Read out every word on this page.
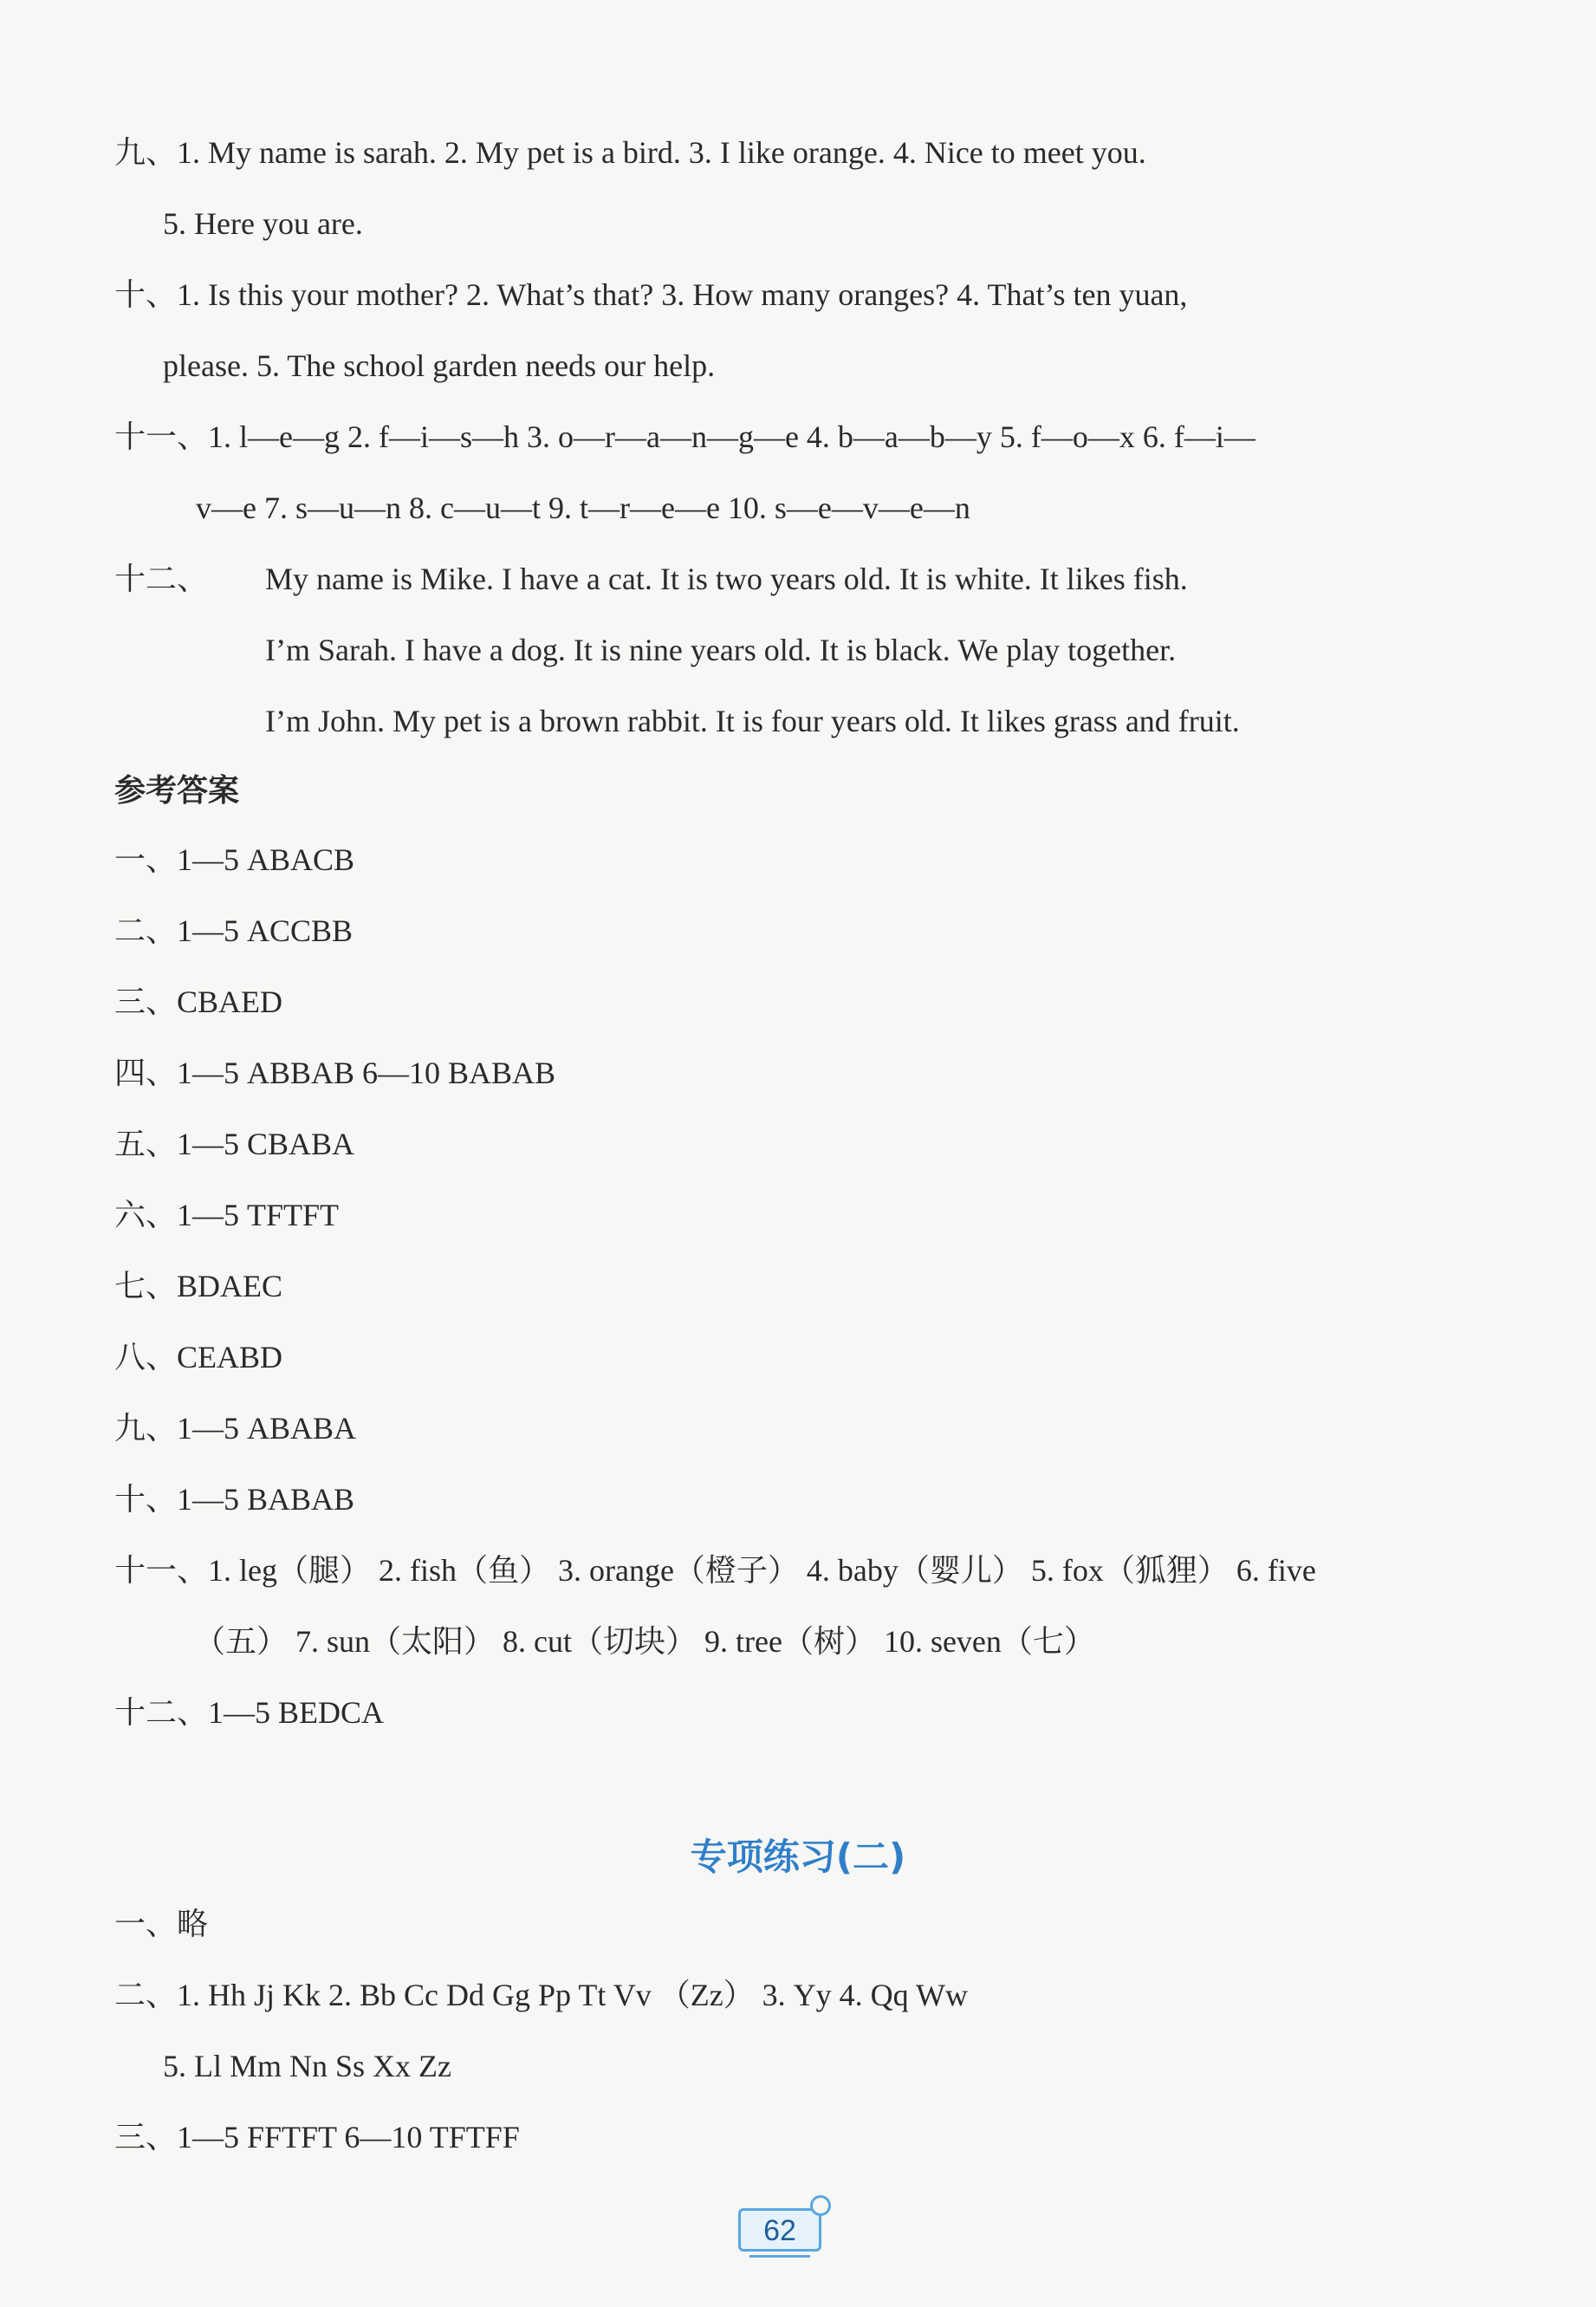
九、1. My name is sarah. 2. My pet is a bird. 3. I like orange. 4. Nice to meet you.
5. Here you are.
十、1. Is this your mother? 2. What’s that? 3. How many oranges? 4. That’s ten yuan,
please. 5. The school garden needs our help.
十一、1. l—e—g 2. f—i—s—h 3. o—r—a—n—g—e 4. b—a—b—y 5. f—o—x 6. f—i—
v—e 7. s—u—n 8. c—u—t 9. t—r—e—e 10. s—e—v—e—n
十二、 My name is Mike. I have a cat. It is two years old. It is white. It likes fish.
I’m Sarah. I have a dog. It is nine years old. It is black. We play together.
I’m John. My pet is a brown rabbit. It is four years old. It likes grass and fruit.
参考答案
一、1—5 ABACB
二、1—5 ACCBB
三、CBAED
四、1—5 ABBAB 6—10 BABAB
五、1—5 CBABA
六、1—5 TFTFT
七、BDAEC
八、CEABD
九、1—5 ABABA
十、1—5 BABAB
十一、1. leg（腿） 2. fish（鱼） 3. orange（橙子） 4. baby（婴儿） 5. fox（狐狸） 6. five
（五） 7. sun（太阳） 8. cut（切块） 9. tree（树） 10. seven（七）
十二、1—5 BEDCA
专项练习(二)
一、略
二、1. Hh Jj Kk 2. Bb Cc Dd Gg Pp Tt Vv （Zz） 3. Yy 4. Qq Ww
5. Ll Mm Nn Ss Xx Zz
三、1—5 FFTFT 6—10 TFTFF
62
